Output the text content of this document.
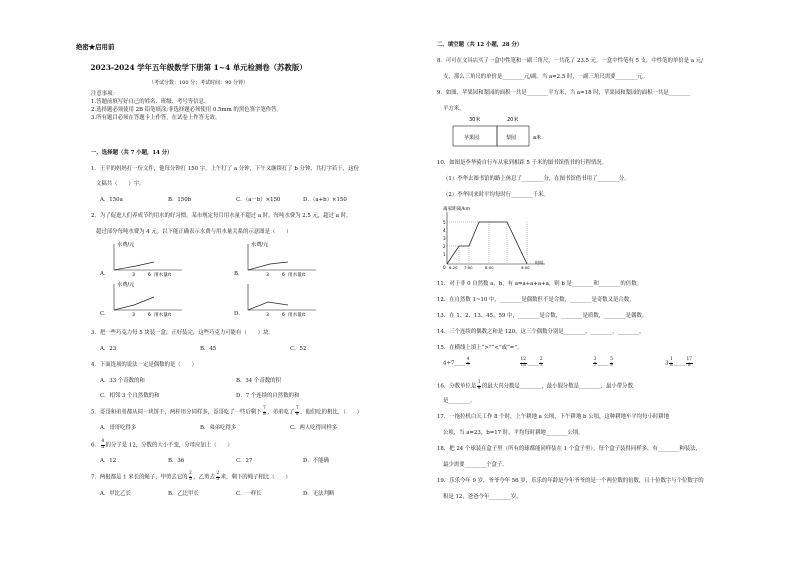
绝密★启用前
2023-2024 学年五年级数学下册第 1~4 单元检测卷（苏教版）
（考试分数：100 分；考试时间：90 分钟）
注意事项：
1.答题前填写好自己的姓名、班级、考号等信息。
2.选择题必须使用 2B 铅笔填涂;非选择题必须使用 0.5mm 的黑色签字笔作答。
3.所有题目必须在答题卡上作答，在试卷上作答无效。
一、选择题（共 7 小题，14 分）
1．王平的妈妈打一份文件，他每分钟打 150 字，上午打了 a 分钟，下午又继续打了 b 分钟，共打字若干，这份
文稿共（　　）字。
A．150a	B．150b	C．（a－b）×150	D．（a+b）×150
2．为了促进人们养成节约用水的好习惯，某市规定每月用水量不超过 a 时，每吨水费为 2.5 元，超过 a 时，
超过部分每吨水费为 4 元。以下能正确表示水费与用水量关系的示意图是（　　）
A．
水费/元
3	6 用水量/t	B．
水费/元
3	6 用水量/t
C．
水费/元
3	6 用水量/t	D．	3	6 用水量/t
3．把一些巧克力每 5 块装一盒，正好装完，这些巧克力可能有（　　）块。
A．23	B．45	C．52
4．下面选项的说法一定是偶数的是（　　）
A．33 个奇数的和	B．34 个奇数的积
C．相邻 3 个自然数的和	D．7 个连续的自然数的和
5．哥哥和弟弟都从同一块饼干，两杆用分同样多，哥哥吃了一些后剩下 $\frac{7}{8}$ ，弟弟吃了 $\frac{7}{8}$ ，他们吃的相比，（　　）
A．哥哥吃得多	B．弟弟吃得多	C．两人吃得同样多
6． $\frac{4}{a}$ 的分子是 12，分数的大小不变，分母应加上（　　）
A．12	B．36	C．27	D．不能确
7．两根都是 1 米长的绳子，甲剪去它的 $\frac{2}{5}$ ，乙剪去 $\frac{2}{5}$ 米，剩下的绳子相比（　　）
A．甲比乙长	B．乙比甲长	C．一样长	D．无法判断
二、填空题（共 12 小题，28 分）
8．可可在文具店买了一盒中性笔和一副三角尺，一共花了 23.5 元。一盒中性笔有 5 支，中性笔的单价是 a 元/
支，那么三角尺的单价是________元/副。当 a=2.5 时，一副三角尺需要________元。
9．如图，苹果园和梨园的面积一共是________平方米，当 a=18 时，苹果园和梨园的面积一共是________
平方米。
30米	20米
苹果园	梨园	a米
10．如图是李华骑自行车从家到相距 5 千米的图书馆借书的行程情况。
（1）李华去图书馆的路上休息了________分，在图书馆借书用了________分。
（2）李华回来时平均每时行________千米。
离家距离/km
5
4
3
2
1
0 6:20 7:00	8:00	9:00
时间
11．对于非 0 自然数 a，b，有 a=a+a+a+a，则 b 是________和________的倍数。
12．在自然数 1~10 中，________是偶数但不是合数，________是奇数又是合数。
13．在 1、2、13、45、59 中，________是合数，________是质数，________是偶数。
14．三个连续的偶数之和是 120，这三个偶数分别是________，________，________。
15．在横线上填上“>”“<”或“=”。
4÷7____ $\frac{4}{7}$	$\frac{12}{18}$ ____ $\frac{2}{3}$	$\frac{3}{7}$ ____ $\frac{5}{9}$	$3 \frac{1}{8}$ ____ $\frac{17}{8}$
16．分数单位是 $\frac{1}{8}$ 的最大真分数是________，最小假分数是________，最小带分数
是________。
17．一拖拉机白天工作 8 个时，上午耕地 a 公顷，下午耕地 b 公顷，这种耕地车平均每小时耕地
公顷，当 a=23，b=17 时，平均每时耕地________公顷。
18．把 24 个球装在盒子里（所有的球都能同样装在 1 个盒子里），每个盒子装得同样多，有________种装法，
最少需要________个盒子。
19．乐乐今年 9 岁，爷爷今年 56 岁，乐乐的年龄是今年爷爷的是一个两位数的倍数，且十位数字与个位数字的
积是 12，爸爸今年________岁。
